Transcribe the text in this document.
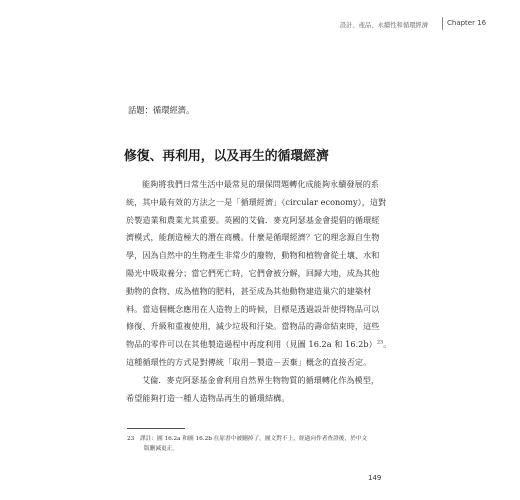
設計、產品、永續性和循環經濟	Chapter 16
話題：循環經濟。
修復、再利用，以及再生的循環經濟
能夠將我們日常生活中最常見的環保問題轉化成能夠永續發展的系
統，其中最有效的方法之一是「循環經濟」（circular economy），這對
於製造業和農業尤其重要。英國的艾倫．麥克阿瑟基金會提倡的循環經
濟模式，能創造極大的潛在商機。什麼是循環經濟？它的理念源自生物
學，因為自然中的生物產生非常少的廢物，動物和植物會從土壤、水和
陽光中吸取養分；當它們死亡時，它們會被分解，回歸大地，成為其他
動物的食物、成為植物的肥料，甚至成為其他動物建造巢穴的建築材
料。當這個概念應用在人造物上的時候，目標是透過設計使得物品可以
修復、升級和重複使用，減少垃圾和汙染。當物品的壽命結束時，這些
物品的零件可以在其他製造過程中再度利用（見圖 16.2a 和 16.2b）$^{23}$。
這種循環性的方式是對傳統「取用－製造－丟棄」概念的直接否定。
艾倫．麥克阿瑟基金會利用自然界生物物質的循環轉化作為模型，
希望能夠打造一種人造物品再生的循環結構。
23　譯註：圖 16.2a 和圖 16.2b 在原書中被刪掉了，圖文對不上，經過向作者查證後，於中文
版刪減更正。
149
